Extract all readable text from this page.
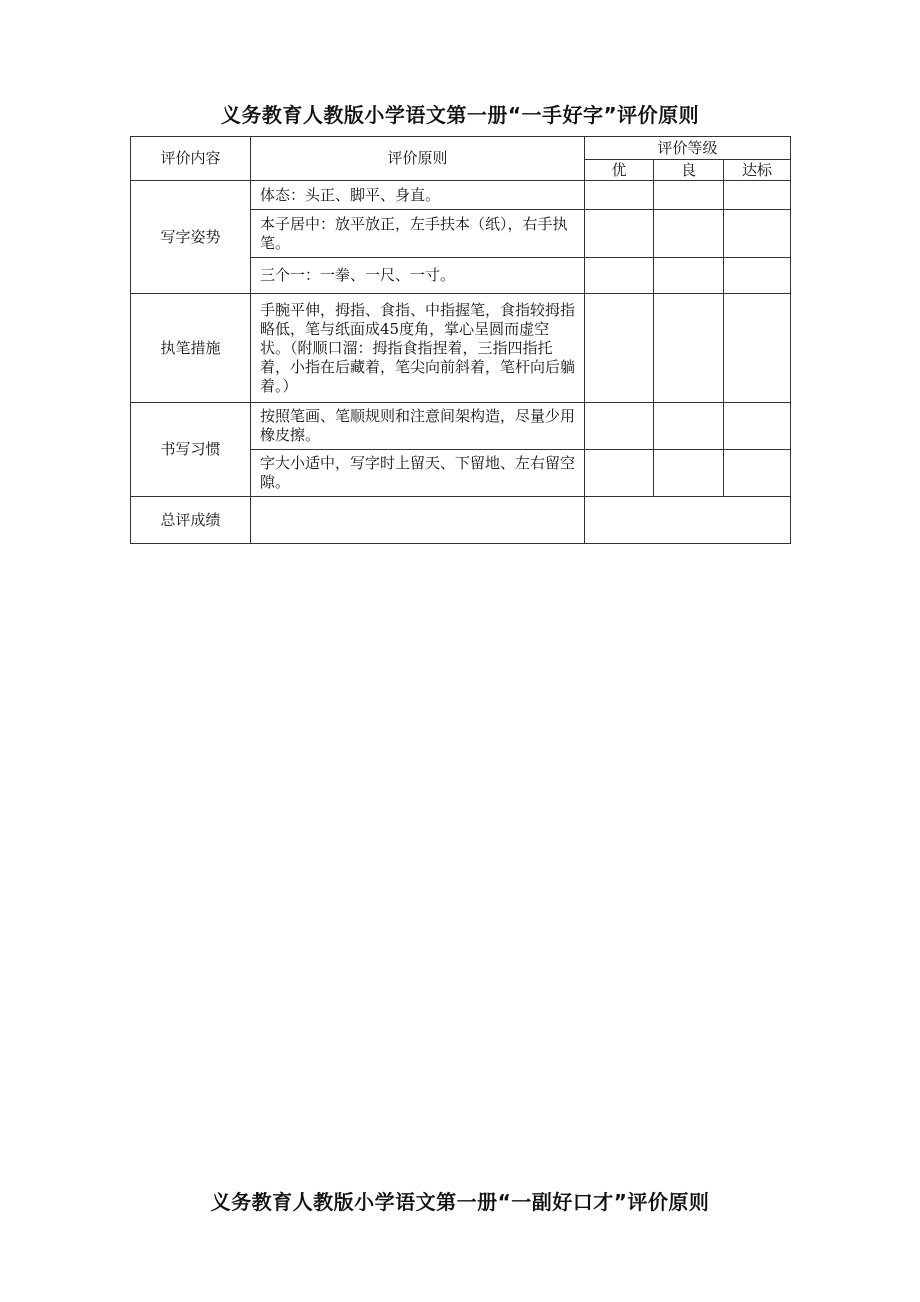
义务教育人教版小学语文第一册“一手好字”评价原则
评价内容	评价原则	评价等级		
		优	良	达标
写字姿势	体态：头正、脚平、身直。			
	本子居中：放平放正，左手扶本（纸），右手执笔。			
	三个一：一拳、一尺、一寸。			
执笔措施	手腕平伸，拇指、食指、中指握笔，食指较拇指略低，笔与纸面成45度角，掌心呈圆而虚空状。（附顺口溜：拇指食指捏着，三指四指托着，小指在后藏着，笔尖向前斜着，笔杆向后躺着。）			
书写习惯	按照笔画、笔顺规则和注意间架构造，尽量少用橡皮擦。			
	字大小适中，写字时上留天、下留地、左右留空隙。			
总评成绩				
义务教育人教版小学语文第一册“一副好口才”评价原则
